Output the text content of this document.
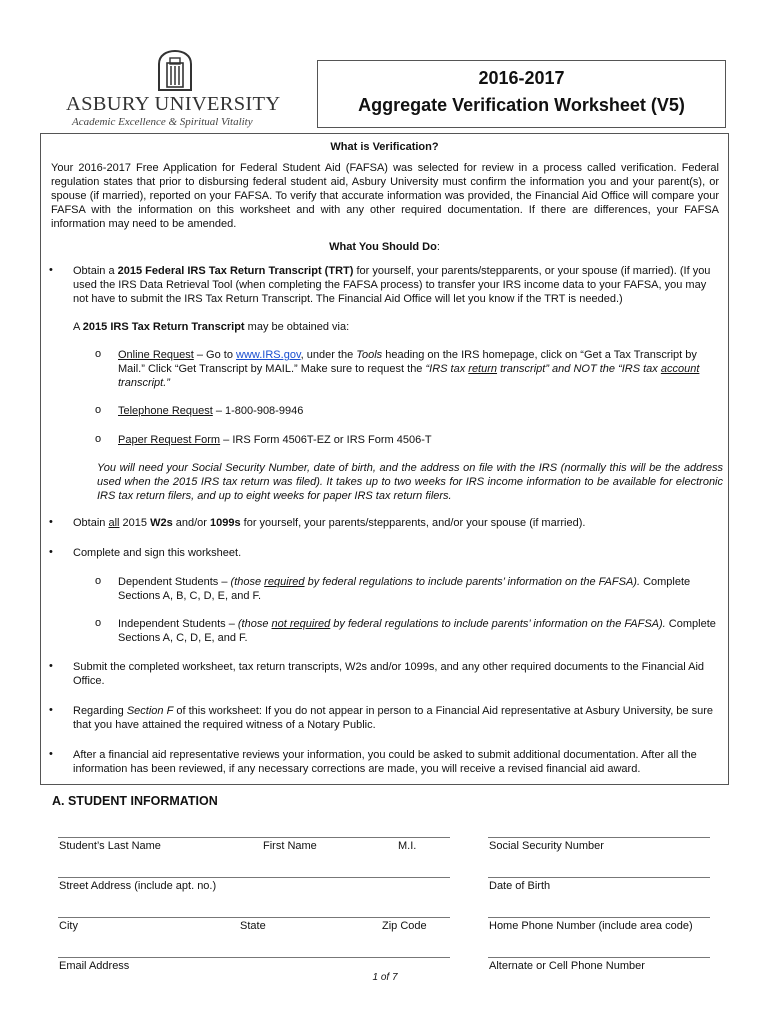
ASBURY UNIVERSITY
Academic Excellence & Spiritual Vitality
2016-2017
Aggregate Verification Worksheet (V5)
What is Verification?
Your 2016-2017 Free Application for Federal Student Aid (FAFSA) was selected for review in a process called verification. Federal regulation states that prior to disbursing federal student aid, Asbury University must confirm the information you and your parent(s), or spouse (if married), reported on your FAFSA. To verify that accurate information was provided, the Financial Aid Office will compare your FAFSA with the information on this worksheet and with any other required documentation. If there are differences, your FAFSA information may need to be amended.
What You Should Do:
• Obtain a 2015 Federal IRS Tax Return Transcript (TRT) for yourself, your parents/stepparents, or your spouse (if married). (If you used the IRS Data Retrieval Tool (when completing the FAFSA process) to transfer your IRS income data to your FAFSA, you may not have to submit the IRS Tax Return Transcript. The Financial Aid Office will let you know if the TRT is needed.)
A 2015 IRS Tax Return Transcript may be obtained via:
o Online Request – Go to www.IRS.gov, under the Tools heading on the IRS homepage, click on “Get a Tax Transcript by Mail.” Click “Get Transcript by MAIL.” Make sure to request the “IRS tax return transcript” and NOT the “IRS tax account transcript.”
o Telephone Request – 1-800-908-9946
o Paper Request Form – IRS Form 4506T-EZ or IRS Form 4506-T
You will need your Social Security Number, date of birth, and the address on file with the IRS (normally this will be the address used when the 2015 IRS tax return was filed). It takes up to two weeks for IRS income information to be available for electronic IRS tax return filers, and up to eight weeks for paper IRS tax return filers.
• Obtain all 2015 W2s and/or 1099s for yourself, your parents/stepparents, and/or your spouse (if married).
• Complete and sign this worksheet.
o Dependent Students – (those required by federal regulations to include parents’ information on the FAFSA). Complete Sections A, B, C, D, E, and F.
o Independent Students – (those not required by federal regulations to include parents’ information on the FAFSA). Complete Sections A, C, D, E, and F.
• Submit the completed worksheet, tax return transcripts, W2s and/or 1099s, and any other required documents to the Financial Aid Office.
• Regarding Section F of this worksheet: If you do not appear in person to a Financial Aid representative at Asbury University, be sure that you have attained the required witness of a Notary Public.
• After a financial aid representative reviews your information, you could be asked to submit additional documentation. After all the information has been reviewed, if any necessary corrections are made, you will receive a revised financial aid award.
A. STUDENT INFORMATION
Student’s Last Name	First Name	M.I.	Social Security Number
Street Address (include apt. no.)	Date of Birth
City	State	Zip Code	Home Phone Number (include area code)
Email Address	Alternate or Cell Phone Number
1 of 7
